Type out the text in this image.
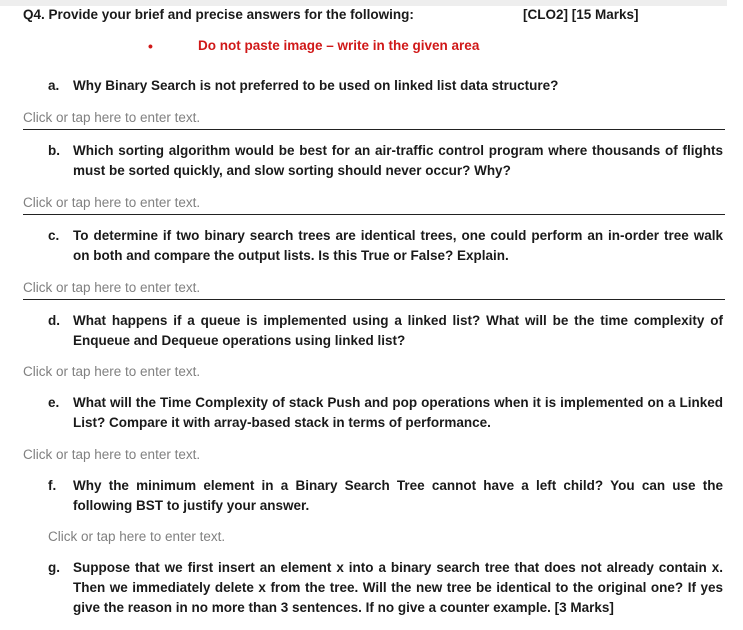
Q4. Provide your brief and precise answers for the following:	[CLO2] [15 Marks]
•	Do not paste image – write in the given area
a.	Why Binary Search is not preferred to be used on linked list data structure?
Click or tap here to enter text.
b. Which sorting algorithm would be best for an air-traffic control program where thousands of flights must be sorted quickly, and slow sorting should never occur? Why?
Click or tap here to enter text.
c.	To determine if two binary search trees are identical trees, one could perform an in-order tree walk on both and compare the output lists. Is this True or False? Explain.
Click or tap here to enter text.
d. What happens if a queue is implemented using a linked list? What will be the time complexity of Enqueue and Dequeue operations using linked list?
Click or tap here to enter text.
e.	What will the Time Complexity of stack Push and pop operations when it is implemented on a Linked List? Compare it with array-based stack in terms of performance.
Click or tap here to enter text.
f.	Why the minimum element in a Binary Search Tree cannot have a left child? You can use the following BST to justify your answer.
Click or tap here to enter text.
g. Suppose that we first insert an element x into a binary search tree that does not already contain x. Then we immediately delete x from the tree. Will the new tree be identical to the original one? If yes give the reason in no more than 3 sentences. If no give a counter example. [3 Marks]
